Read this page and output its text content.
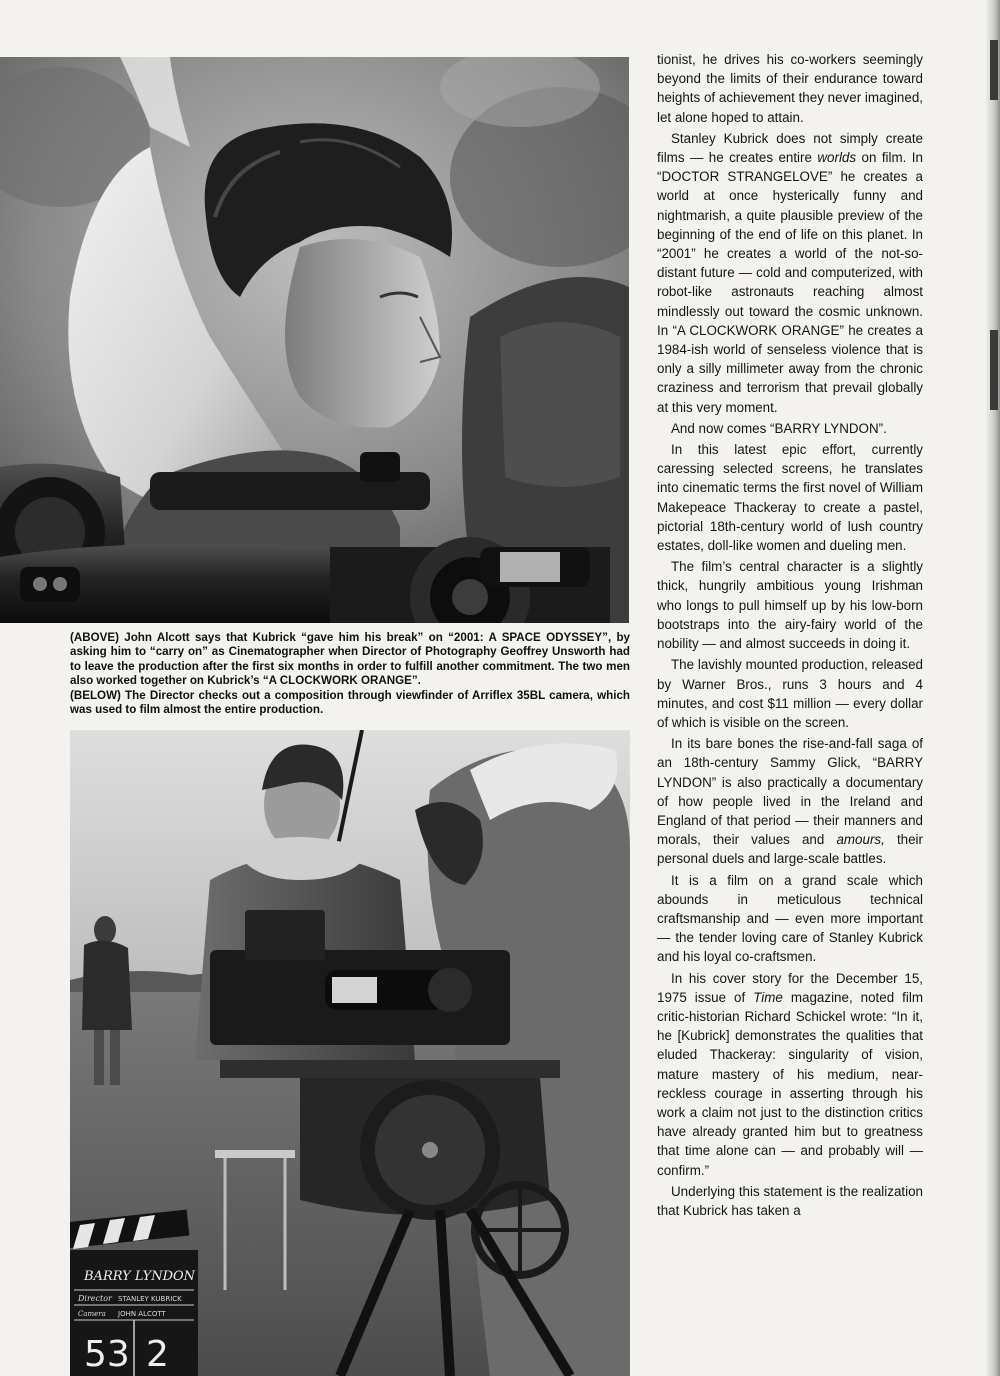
(ABOVE) John Alcott says that Kubrick “gave him his break” on “2001: A SPACE ODYSSEY”, by asking him to “carry on” as Cinematographer when Director of Photography Geoffrey Unsworth had to leave the production after the first six months in order to fulfill another commitment. The two men also worked together on Kubrick’s “A CLOCKWORK ORANGE”.

(BELOW) The Director checks out a composition through viewfinder of Arriflex 35BL camera, which was used to film almost the entire production.

BARRY LYNDON
Director STANLEY KUBRICK
Camera JOHN ALCOTT
53 2

tionist, he drives his co-workers seemingly beyond the limits of their endurance toward heights of achievement they never imagined, let alone hoped to attain.

Stanley Kubrick does not simply create films — he creates entire worlds on film. In “DOCTOR STRANGELOVE” he creates a world at once hysterically funny and nightmarish, a quite plausible preview of the beginning of the end of life on this planet. In “2001” he creates a world of the not-so-distant future — cold and computerized, with robot-like astronauts reaching almost mindlessly out toward the cosmic unknown. In “A CLOCKWORK ORANGE” he creates a 1984-ish world of senseless violence that is only a silly millimeter away from the chronic craziness and terrorism that prevail globally at this very moment.

And now comes “BARRY LYNDON”.

In this latest epic effort, currently caressing selected screens, he translates into cinematic terms the first novel of William Makepeace Thackeray to create a pastel, pictorial 18th-century world of lush country estates, doll-like women and dueling men.

The film’s central character is a slightly thick, hungrily ambitious young Irishman who longs to pull himself up by his low-born bootstraps into the airy-fairy world of the nobility — and almost succeeds in doing it.

The lavishly mounted production, released by Warner Bros., runs 3 hours and 4 minutes, and cost $11 million — every dollar of which is visible on the screen.

In its bare bones the rise-and-fall saga of an 18th-century Sammy Glick, “BARRY LYNDON” is also practically a documentary of how people lived in the Ireland and England of that period — their manners and morals, their values and amours, their personal duels and large-scale battles.

It is a film on a grand scale which abounds in meticulous technical craftsmanship and — even more important — the tender loving care of Stanley Kubrick and his loyal co-craftsmen.

In his cover story for the December 15, 1975 issue of Time magazine, noted film critic-historian Richard Schickel wrote: “In it, he [Kubrick] demonstrates the qualities that eluded Thackeray: singularity of vision, mature mastery of his medium, near-reckless courage in asserting through his work a claim not just to the distinction critics have already granted him but to greatness that time alone can — and probably will — confirm.”

Underlying this statement is the realization that Kubrick has taken a
